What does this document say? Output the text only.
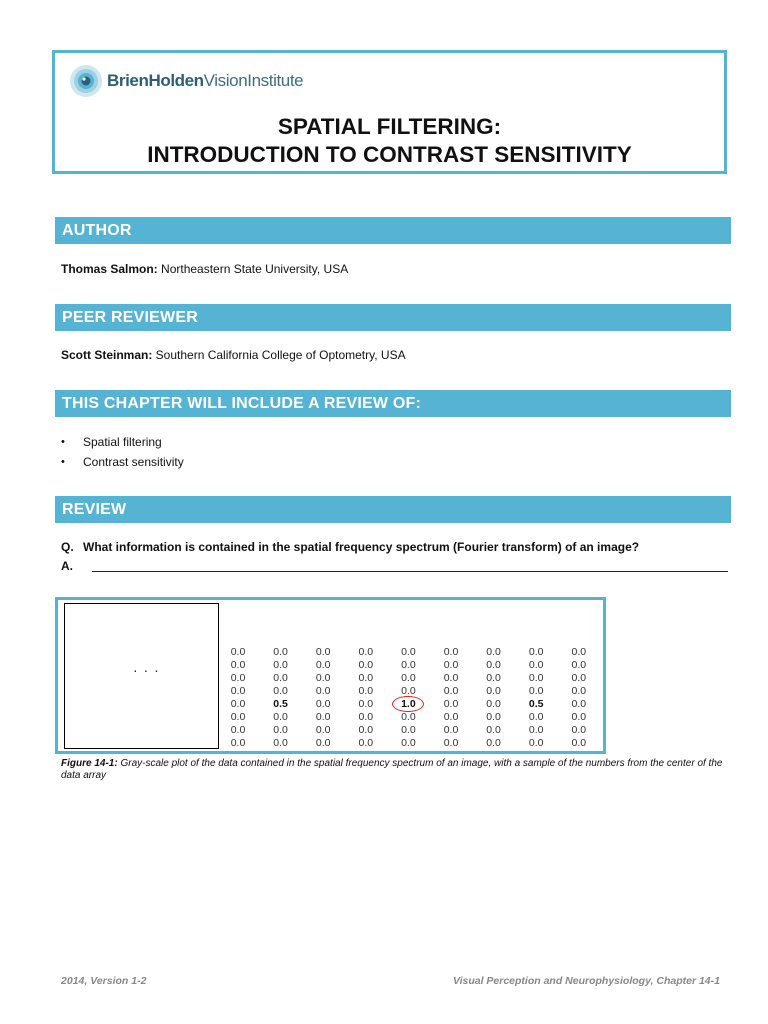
BrienHoldenVisionInstitute
SPATIAL FILTERING:
INTRODUCTION TO CONTRAST SENSITIVITY
AUTHOR
Thomas Salmon: Northeastern State University, USA
PEER REVIEWER
Scott Steinman: Southern California College of Optometry, USA
THIS CHAPTER WILL INCLUDE A REVIEW OF:
• Spatial filtering
• Contrast sensitivity
REVIEW
Q. What information is contained in the spatial frequency spectrum (Fourier transform) of an image?
A.
· · ·
0.0	0.0	0.0	0.0	0.0	0.0	0.0	0.0	0.0
0.0	0.0	0.0	0.0	0.0	0.0	0.0	0.0	0.0
0.0	0.0	0.0	0.0	0.0	0.0	0.0	0.0	0.0
0.0	0.0	0.0	0.0	0.0	0.0	0.0	0.0	0.0
0.0	0.5	0.0	0.0	1.0	0.0	0.0	0.5	0.0
0.0	0.0	0.0	0.0	0.0	0.0	0.0	0.0	0.0
0.0	0.0	0.0	0.0	0.0	0.0	0.0	0.0	0.0
0.0	0.0	0.0	0.0	0.0	0.0	0.0	0.0	0.0
Figure 14-1: Gray-scale plot of the data contained in the spatial frequency spectrum of an image, with a sample of the numbers from the center of the data array
2014, Version 1-2	Visual Perception and Neurophysiology, Chapter 14-1
